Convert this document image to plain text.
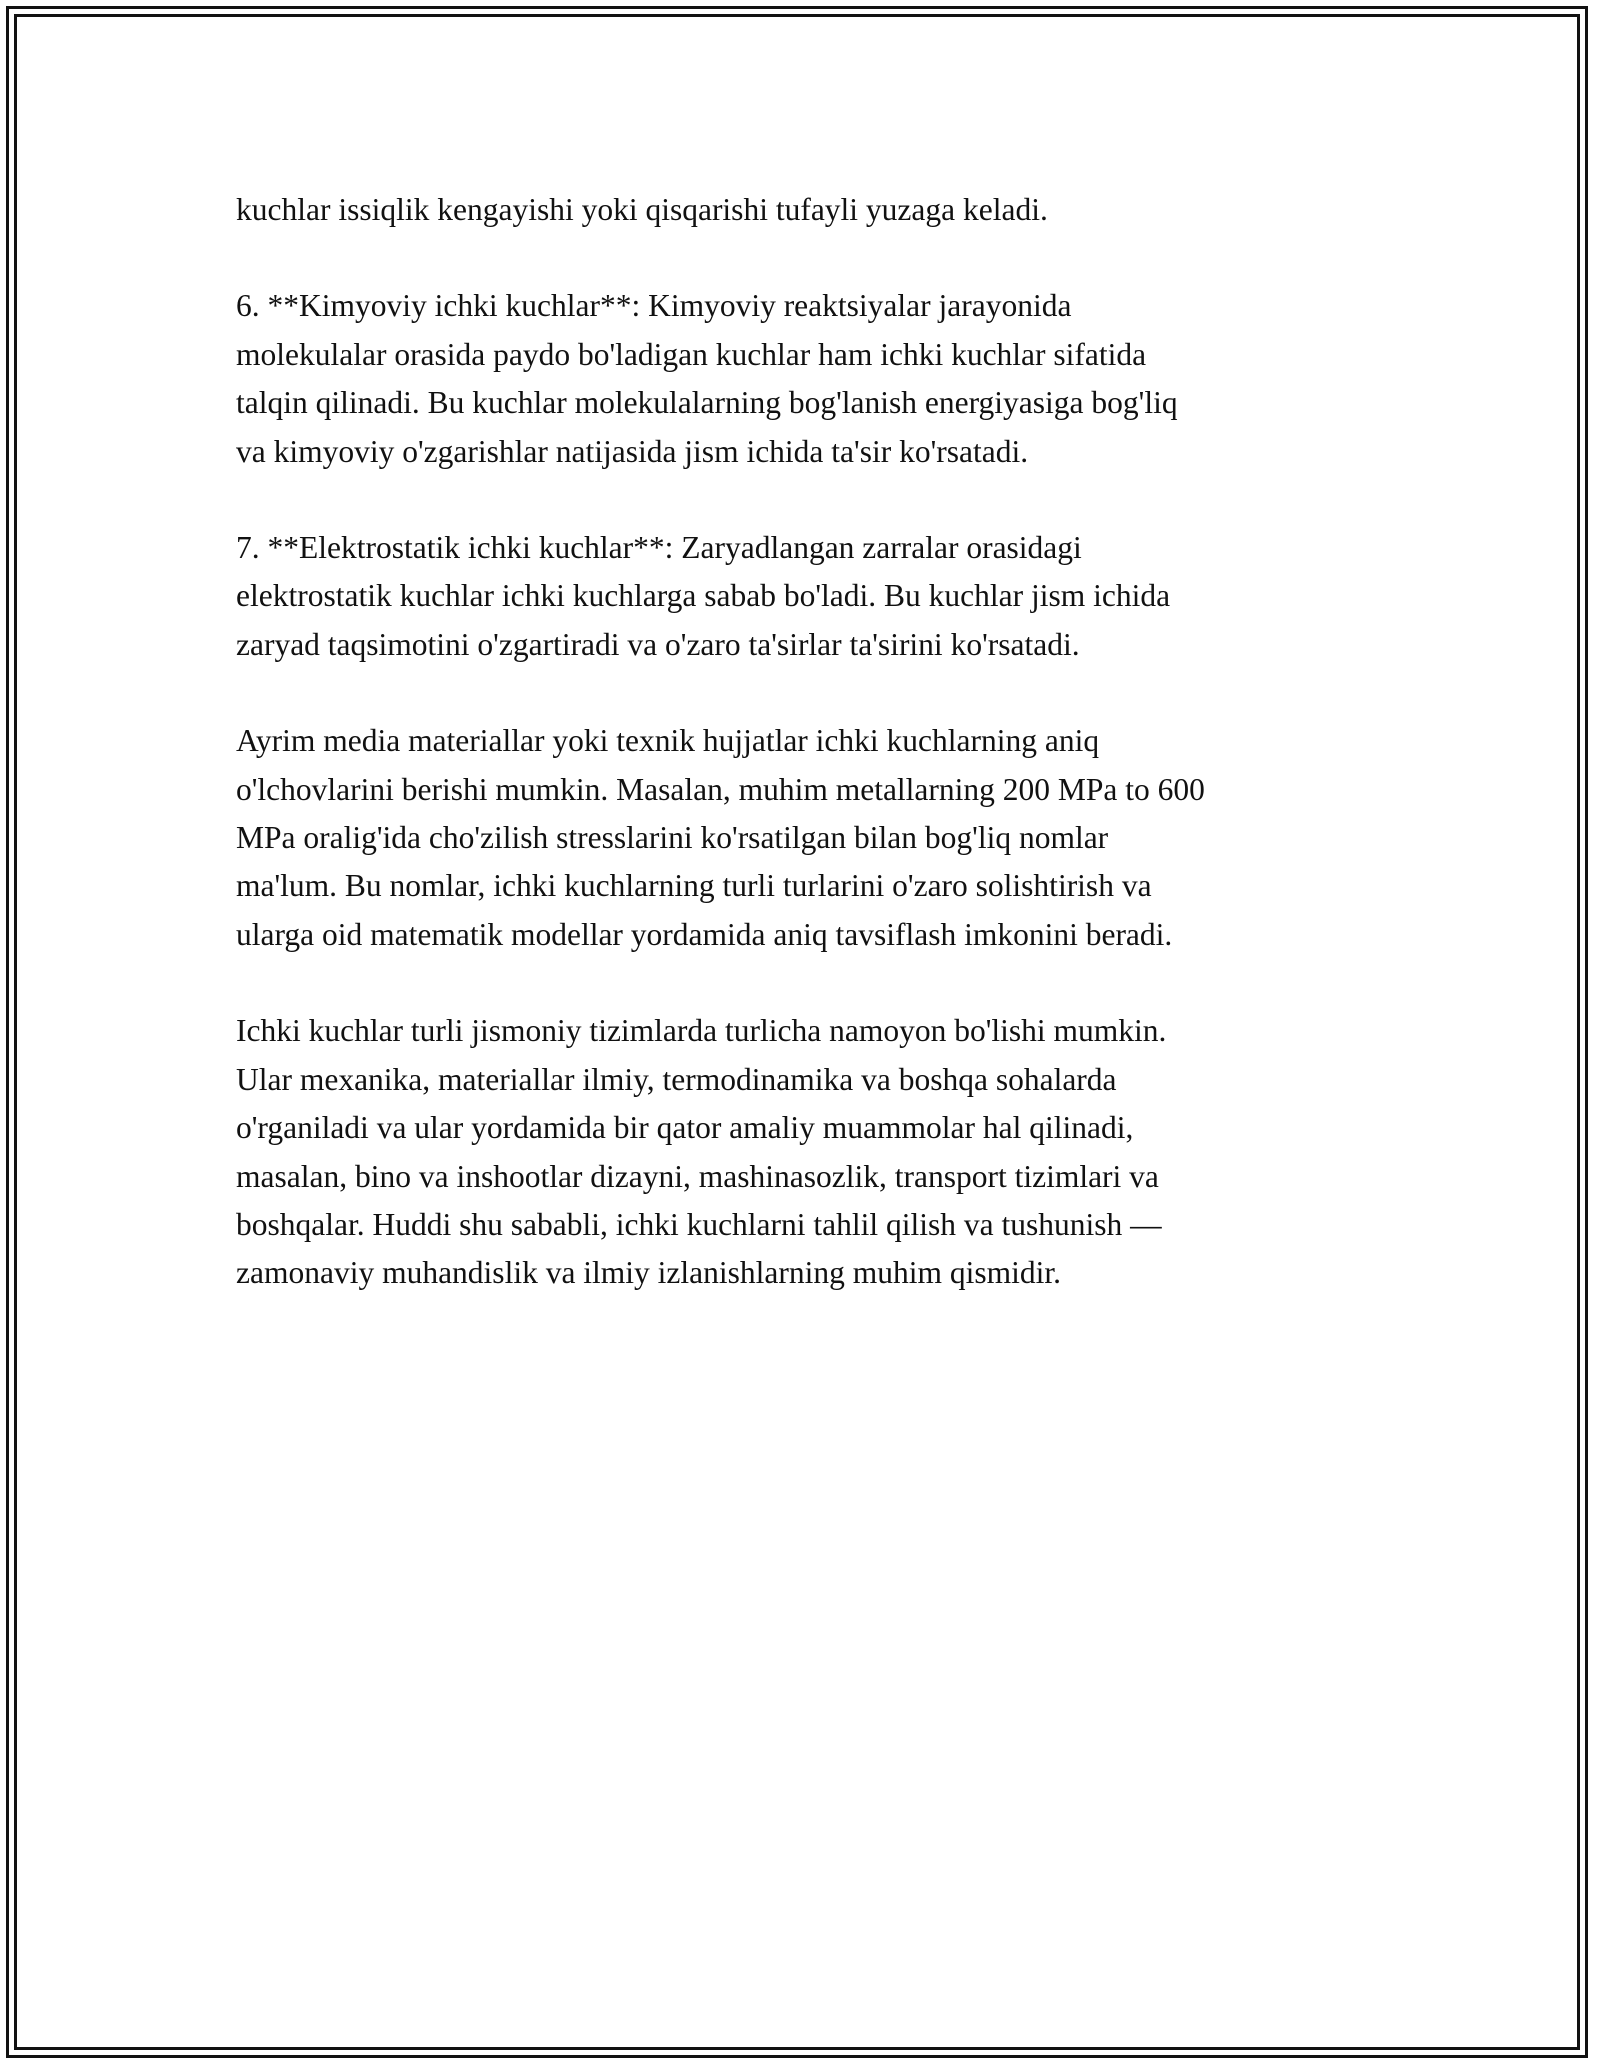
kuchlar issiqlik kengayishi yoki qisqarishi tufayli yuzaga keladi.

6. **Kimyoviy ichki kuchlar**: Kimyoviy reaktsiyalar jarayonida
molekulalar orasida paydo bo'ladigan kuchlar ham ichki kuchlar sifatida
talqin qilinadi. Bu kuchlar molekulalarning bog'lanish energiyasiga bog'liq
va kimyoviy o'zgarishlar natijasida jism ichida ta'sir ko'rsatadi.

7. **Elektrostatik ichki kuchlar**: Zaryadlangan zarralar orasidagi
elektrostatik kuchlar ichki kuchlarga sabab bo'ladi. Bu kuchlar jism ichida
zaryad taqsimotini o'zgartiradi va o'zaro ta'sirlar ta'sirini ko'rsatadi.

Ayrim media materiallar yoki texnik hujjatlar ichki kuchlarning aniq
o'lchovlarini berishi mumkin. Masalan, muhim metallarning 200 MPa to 600
MPa oralig'ida cho'zilish stresslarini ko'rsatilgan bilan bog'liq nomlar
ma'lum. Bu nomlar, ichki kuchlarning turli turlarini o'zaro solishtirish va
ularga oid matematik modellar yordamida aniq tavsiflash imkonini beradi.

Ichki kuchlar turli jismoniy tizimlarda turlicha namoyon bo'lishi mumkin.
Ular mexanika, materiallar ilmiy, termodinamika va boshqa sohalarda
o'rganiladi va ular yordamida bir qator amaliy muammolar hal qilinadi,
masalan, bino va inshootlar dizayni, mashinasozlik, transport tizimlari va
boshqalar. Huddi shu sababli, ichki kuchlarni tahlil qilish va tushunish —
zamonaviy muhandislik va ilmiy izlanishlarning muhim qismidir.
